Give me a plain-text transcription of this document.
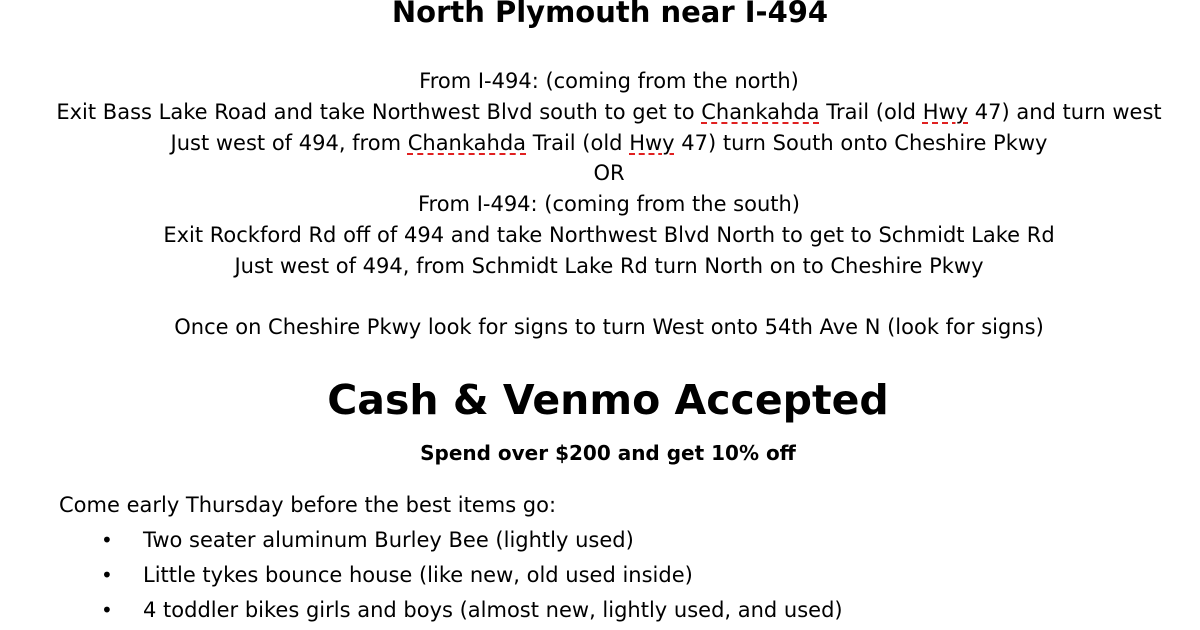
North Plymouth near I-494

From I-494: (coming from the north)

Exit Bass Lake Road and take Northwest Blvd south to get to Chankahda Trail (old Hwy 47) and turn west

Just west of 494, from Chankahda Trail (old Hwy 47) turn South onto Cheshire Pkwy

OR

From I-494: (coming from the south)

Exit Rockford Rd off of 494 and take Northwest Blvd North to get to Schmidt Lake Rd

Just west of 494, from Schmidt Lake Rd turn North on to Cheshire Pkwy

Once on Cheshire Pkwy look for signs to turn West onto 54th Ave N (look for signs)

Cash & Venmo Accepted
Spend over $200 and get 10% off
Come early Thursday before the best items go:
• Two seater aluminum Burley Bee (lightly used)
• Little tykes bounce house (like new, old used inside)
• 4 toddler bikes girls and boys (almost new, lightly used, and used)
